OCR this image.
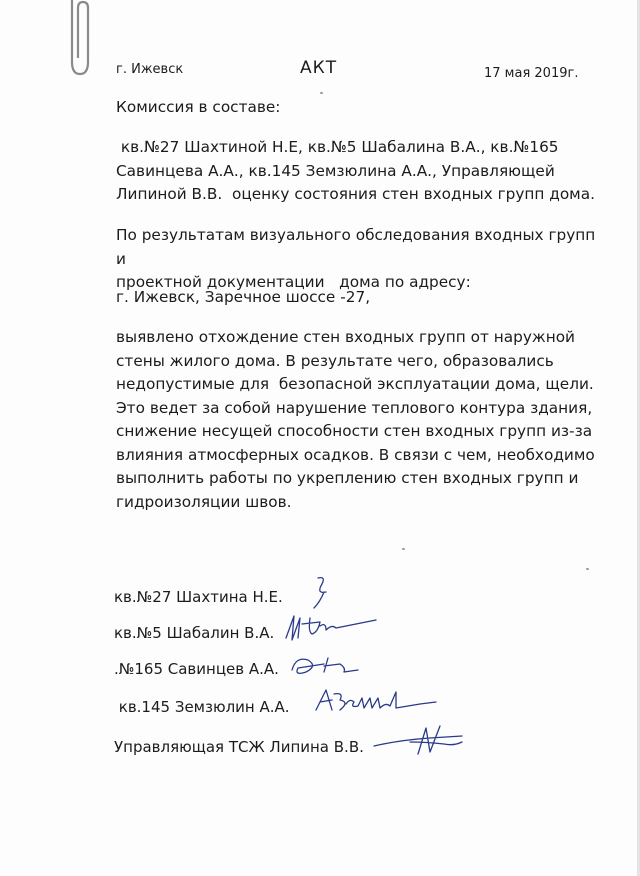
г. Ижевск	АКТ	17 мая 2019г.

Комиссия в составе:

кв.№27 Шахтиной Н.Е, кв.№5 Шабалина В.А., кв.№165
Савинцева А.А., кв.145 Земзюлина А.А., Управляющей
Липиной В.В.  оценку состояния стен входных групп дома.

По результатам визуального обследования входных групп и
проектной документации   дома по адресу:

г. Ижевск, Заречное шоссе -27,

выявлено отхождение стен входных групп от наружной
стены жилого дома. В результате чего, образовались
недопустимые для  безопасной эксплуатации дома, щели.
Это ведет за собой нарушение теплового контура здания,
снижение несущей способности стен входных групп из-за
влияния атмосферных осадков. В связи с чем, необходимо
выполнить работы по укреплению стен входных групп и
гидроизоляции швов.

кв.№27 Шахтина Н.Е.
кв.№5 Шабалин В.А.
.№165 Савинцев А.А.
кв.145 Земзюлин А.А.
Управляющая ТСЖ Липина В.В.
